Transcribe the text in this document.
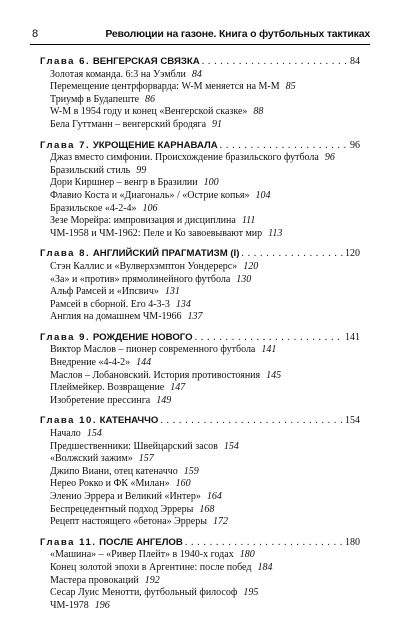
8	Революции на газоне. Книга о футбольных тактиках
Глава 6. ВЕНГЕРСКАЯ СВЯЗКА . . .	84
Золотая команда. 6:3 на Уэмбли 84
Перемещение центрфорварда: W-M меняется на M-M 85
Триумф в Будапеште 86
W-M в 1954 году и конец «Венгерской сказке» 88
Бела Гуттманн – венгерский бродяга 91
Глава 7. УКРОЩЕНИЕ КАРНАВАЛА . . .	96
Джаз вместо симфонии. Происхождение бразильского футбола 96
Бразильский стиль 99
Дори Киршнер – венгр в Бразилии 100
Флавио Коста и «Диагональ» / «Острие копья» 104
Бразильское «4-2-4» 106
Зезе Морейра: импровизация и дисциплина 111
ЧМ-1958 и ЧМ-1962: Пеле и Ко завоевывают мир 113
Глава 8. АНГЛИЙСКИЙ ПРАГМАТИЗМ (I) . . .	120
Стэн Каллис и «Вулверхэмптон Уондерерс» 120
«За» и «против» прямолинейного футбола 130
Альф Рамсей и «Ипсвич» 131
Рамсей в сборной. Его 4-3-3 134
Англия на домашнем ЧМ-1966 137
Глава 9. РОЖДЕНИЕ НОВОГО . . .	141
Виктор Маслов – пионер современного футбола 141
Внедрение «4-4-2» 144
Маслов – Лобановский. История противостояния 145
Плеймейкер. Возвращение 147
Изобретение прессинга 149
Глава 10. КАТЕНАЧЧО . . .	154
Начало 154
Предшественники: Швейцарский засов 154
«Волжский зажим» 157
Джипо Виани, отец катеначчо 159
Нерео Рокко и ФК «Милан» 160
Эленио Эррера и Великий «Интер» 164
Беспрецедентный подход Эрреры 168
Рецепт настоящего «бетона» Эрреры 172
Глава 11. ПОСЛЕ АНГЕЛОВ . . .	180
«Машина» – «Ривер Плейт» в 1940-х годах 180
Конец золотой эпохи в Аргентине: после побед 184
Мастера провокаций 192
Сесар Луис Менотти, футбольный философ 195
ЧМ-1978 196
